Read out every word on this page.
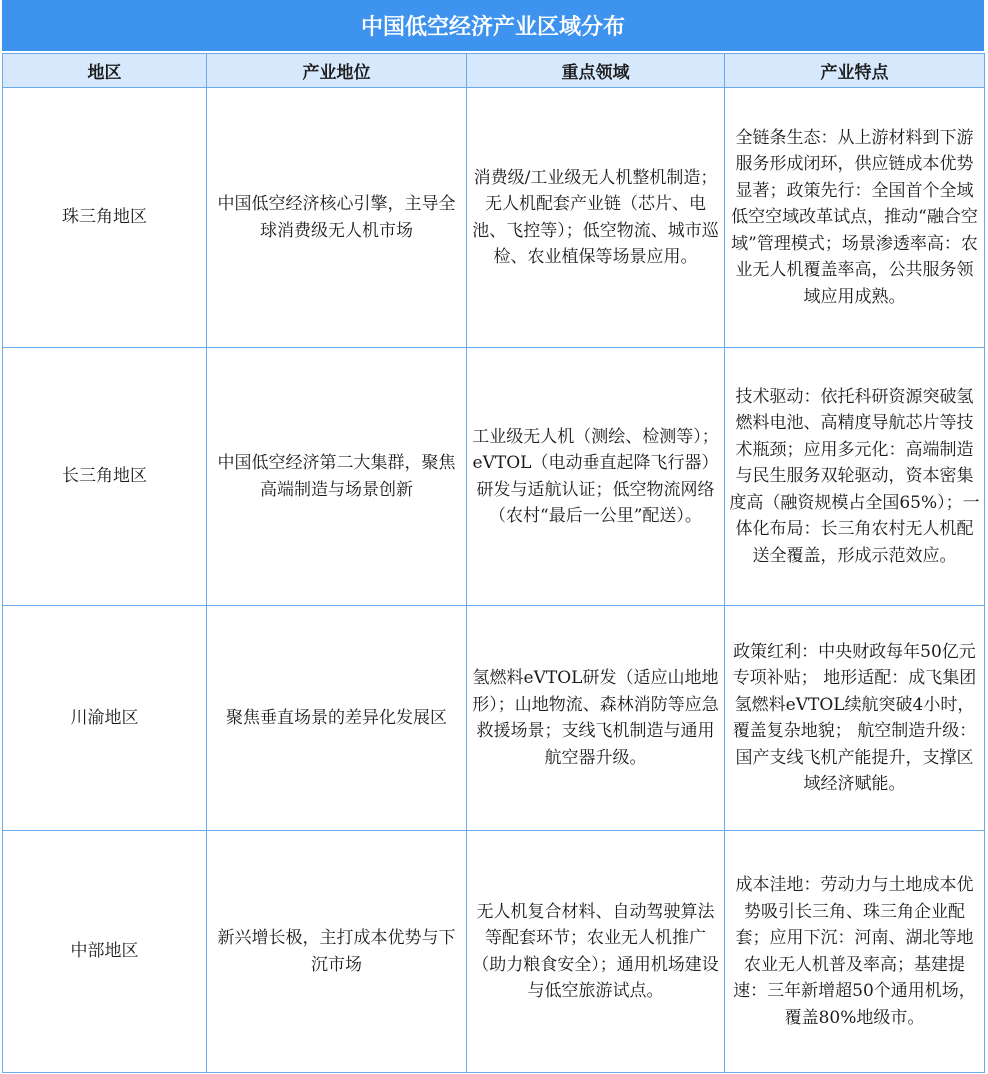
中国低空经济产业区域分布
地区	产业地位	重点领域	产业特点
珠三角地区	中国低空经济核心引擎，主导全球消费级无人机市场	消费级/工业级无人机整机制造；无人机配套产业链（芯片、电池、飞控等）；低空物流、城市巡检、农业植保等场景应用。	全链条生态：从上游材料到下游服务形成闭环，供应链成本优势显著；政策先行：全国首个全域低空空域改革试点，推动“融合空域”管理模式；场景渗透率高：农业无人机覆盖率高，公共服务领域应用成熟。
长三角地区	中国低空经济第二大集群，聚焦高端制造与场景创新	工业级无人机（测绘、检测等）；eVTOL（电动垂直起降飞行器）研发与适航认证；低空物流网络（农村“最后一公里”配送）。	技术驱动：依托科研资源突破氢燃料电池、高精度导航芯片等技术瓶颈；应用多元化：高端制造与民生服务双轮驱动，资本密集度高（融资规模占全国65%）；一体化布局：长三角农村无人机配送全覆盖，形成示范效应。
川渝地区	聚焦垂直场景的差异化发展区	氢燃料eVTOL研发（适应山地地形）；山地物流、森林消防等应急救援场景；支线飞机制造与通用航空器升级。	政策红利：中央财政每年50亿元专项补贴； 地形适配：成飞集团氢燃料eVTOL续航突破4小时，覆盖复杂地貌； 航空制造升级：国产支线飞机产能提升，支撑区域经济赋能。
中部地区	新兴增长极，主打成本优势与下沉市场	无人机复合材料、自动驾驶算法等配套环节；农业无人机推广（助力粮食安全）；通用机场建设与低空旅游试点。	成本洼地：劳动力与土地成本优势吸引长三角、珠三角企业配套；应用下沉：河南、湖北等地农业无人机普及率高；基建提速：三年新增超50个通用机场，覆盖80%地级市。
